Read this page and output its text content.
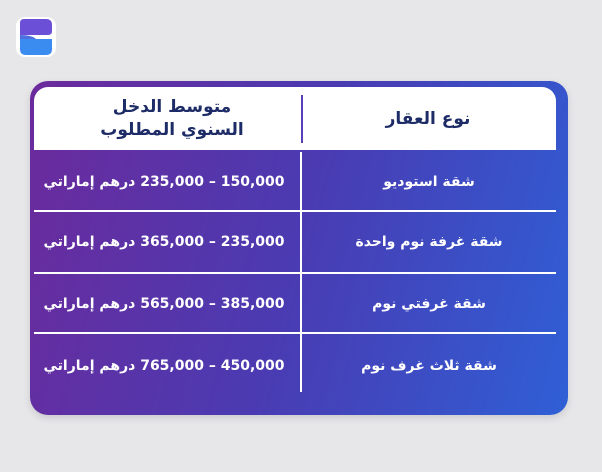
متوسط الدخل
السنوي المطلوب
نوع العقار
شقة استوديو
150,000 – 235,000 درهم إماراتي
شقة غرفة نوم واحدة
235,000 – 365,000 درهم إماراتي
شقة غرفتي نوم
385,000 – 565,000 درهم إماراتي
شقة ثلاث غرف نوم
450,000 – 765,000 درهم إماراتي
